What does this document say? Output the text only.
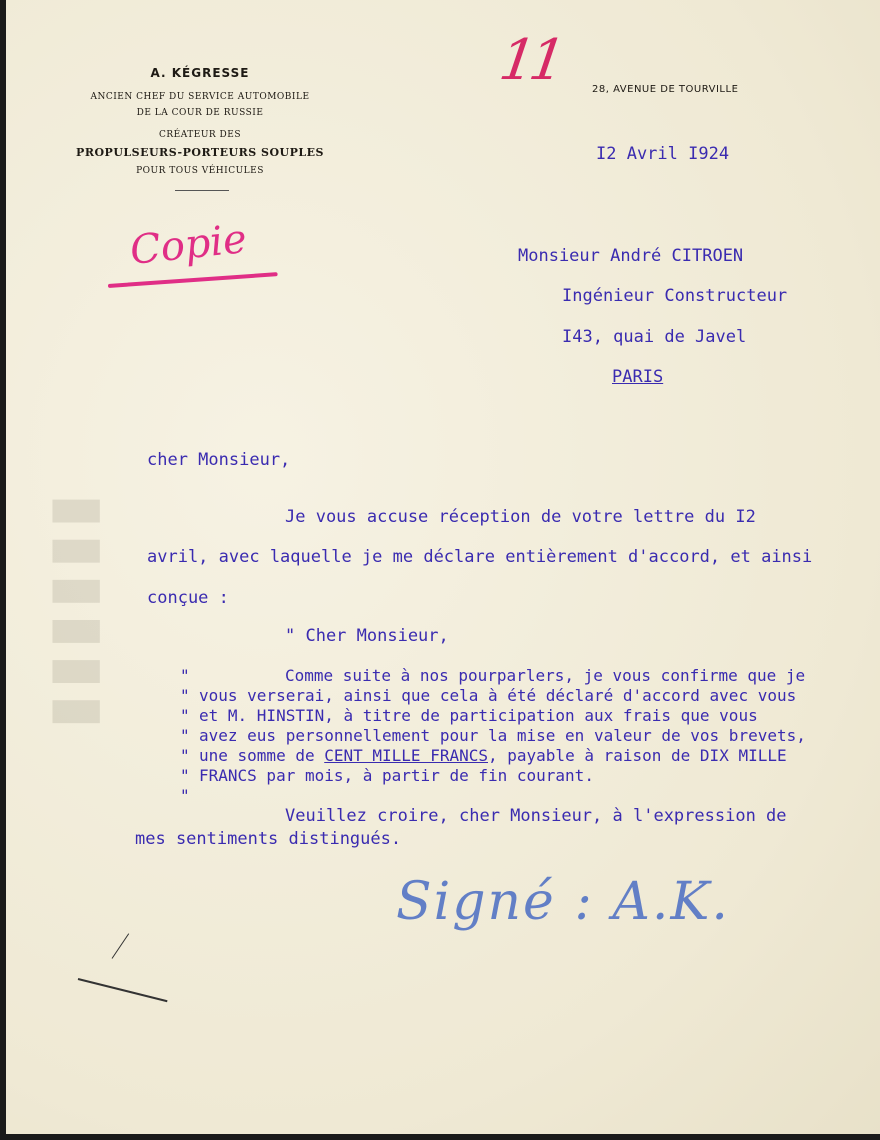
▮▮▮▮▮▮
A. KÉGRESSE
ANCIEN CHEF DU SERVICE AUTOMOBILE
DE LA COUR DE RUSSIE
CRÉATEUR DES
PROPULSEURS-PORTEURS SOUPLES
POUR TOUS VÉHICULES
28, AVENUE DE TOURVILLE
11
Copie
I2 Avril I924
Monsieur André CITROEN
Ingénieur Constructeur
I43, quai de Javel
PARIS
cher Monsieur,
Je vous accuse réception de votre lettre du I2
avril, avec laquelle je me déclare entièrement d'accord, et ainsi
conçue :
" Cher Monsieur,
"
"
"
"
"
"
"
Comme suite à nos pourparlers, je vous confirme que je
vous verserai, ainsi que cela à été déclaré d'accord avec vous
et M. HINSTIN, à titre de participation aux frais que vous
avez eus personnellement pour la mise en valeur de vos brevets,
une somme de CENT MILLE FRANCS, payable à raison de DIX MILLE
FRANCS par mois, à partir de fin courant.
Veuillez croire, cher Monsieur, à l'expression de
mes sentiments distingués.
Signé : A.K.
